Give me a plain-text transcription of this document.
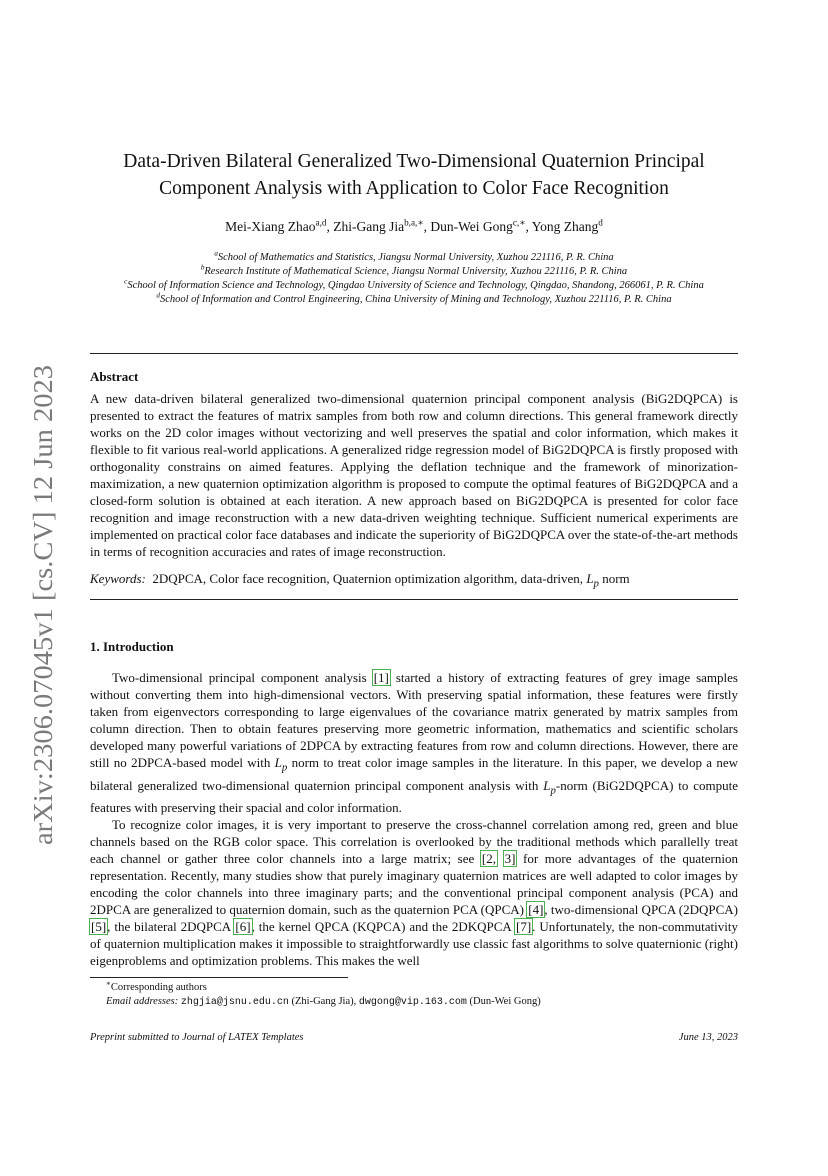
arXiv:2306.07045v1 [cs.CV] 12 Jun 2023
Data-Driven Bilateral Generalized Two-Dimensional Quaternion Principal
Component Analysis with Application to Color Face Recognition
Mei-Xiang Zhao$^{a,d}$, Zhi-Gang Jia$^{b,a,∗}$, Dun-Wei Gong$^{c,∗}$, Yong Zhang$^d$
$^a$School of Mathematics and Statistics, Jiangsu Normal University, Xuzhou 221116, P. R. China
$^b$Research Institute of Mathematical Science, Jiangsu Normal University, Xuzhou 221116, P. R. China
$^c$School of Information Science and Technology, Qingdao University of Science and Technology, Qingdao, Shandong, 266061, P. R. China
$^d$School of Information and Control Engineering, China University of Mining and Technology, Xuzhou 221116, P. R. China
Abstract

A new data-driven bilateral generalized two-dimensional quaternion principal component analysis (BiG2DQPCA) is presented to extract the features of matrix samples from both row and column directions. This general framework directly works on the 2D color images without vectorizing and well preserves the spatial and color information, which makes it flexible to fit various real-world applications. A generalized ridge regression model of BiG2DQPCA is firstly proposed with orthogonality constrains on aimed features. Applying the deflation technique and the framework of minorization-maximization, a new quaternion optimization algorithm is proposed to compute the optimal features of BiG2DQPCA and a closed-form solution is obtained at each iteration. A new approach based on BiG2DQPCA is presented for color face recognition and image reconstruction with a new data-driven weighting technique. Sufficient numerical experiments are implemented on practical color face databases and indicate the superiority of BiG2DQPCA over the state-of-the-art methods in terms of recognition accuracies and rates of image reconstruction.

Keywords: 2DQPCA, Color face recognition, Quaternion optimization algorithm, data-driven, $L_p$ norm
1. Introduction

Two-dimensional principal component analysis [1] started a history of extracting features of grey image samples without converting them into high-dimensional vectors. With preserving spatial information, these features were firstly taken from eigenvectors corresponding to large eigenvalues of the covariance matrix generated by matrix samples from column direction. Then to obtain features preserving more geometric information, mathematics and scientific scholars developed many powerful variations of 2DPCA by extracting features from row and column directions. However, there are still no 2DPCA-based model with $L_p$ norm to treat color image samples in the literature. In this paper, we develop a new bilateral generalized two-dimensional quaternion principal component analysis with $L_p$-norm (BiG2DQPCA) to compute features with preserving their spacial and color information.

To recognize color images, it is very important to preserve the cross-channel correlation among red, green and blue channels based on the RGB color space. This correlation is overlooked by the traditional methods which parallelly treat each channel or gather three color channels into a large matrix; see [2, 3] for more advantages of the quaternion representation. Recently, many studies show that purely imaginary quaternion matrices are well adapted to color images by encoding the color channels into three imaginary parts; and the conventional principal component analysis (PCA) and 2DPCA are generalized to quaternion domain, such as the quaternion PCA (QPCA) [4], two-dimensional QPCA (2DQPCA) [5], the bilateral 2DQPCA [6], the kernel QPCA (KQPCA) and the 2DKQPCA [7]. Unfortunately, the non-commutativity of quaternion multiplication makes it impossible to straightforwardly use classic fast algorithms to solve quaternionic (right) eigenproblems and optimization problems. This makes the well

∗Corresponding authors
Email addresses: zhgjia@jsnu.edu.cn (Zhi-Gang Jia), dwgong@vip.163.com (Dun-Wei Gong)
Preprint submitted to Journal of LATEX Templates	June 13, 2023
